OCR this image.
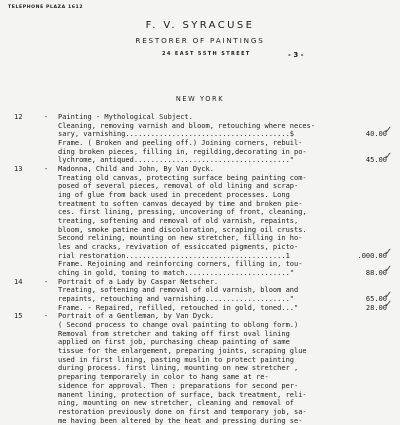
TELEPHONE PLAZA 1612
F. V. SYRACUSE
RESTORER OF PAINTINGS
24 EAST 55TH STREET	- 3 -
NEW YORK
12	- Painting - Mythological Subject.
Cleaning, removing varnish and bloom, retouching where neces-
sary, varnishing.......................................$	40.00
✓
Frame. ( Broken and peeling off.) Joining corners, rebuil-
ding broken pieces, filling in, regilding,decorating in po-
lychrome, antiqued....................................."	45.00
✓
13	- Madonna, Child and John, By Van Dyck.
Treating old canvas, protecting surface being painting com-
posed of several pieces, removal of old lining and scrap-
ing of glue from back used in precedent processes. Long
treatment to soften canvas decayed by time and broken pie-
ces. first lining, pressing, uncovering of front, cleaning,
treating, softening and removal of old varnish, repaints,
bloom, smoke patine and discoloration, scraping oil crusts.
Second relining, mounting on new stretcher, filling in ho-
les and cracks, revivation of essiccated pigments, picto-
rial restoration......................................1	.000.00
✓
Frame. Rejoining and reinforcing corners, filling in, tou-
ching in gold, toning to match........................."	88.00
✓
14	- Portrait of a Lady by Caspar Netscher.
Treating, softening and removal of old varnish, bloom and
repaints, retouching and varnishing...................."	65.00
✓
Frame. - Repaired, refilled, retouched in gold, toned..."	28.00
✓
15	- Portrait of a Gentleman, by Van Dyck.
( Second process to change oval painting to oblong form.)
Removal from stretcher and taking off first oval lining
applied on first job, purchasing cheap painting of same
tissue for the enlargement, preparing joints, scraping glue
used in first lining, pasting muslin to protect painting
during process. first lining, mounting on new stretcher ,
preparing temporarely in color to hang same at re-
sidence for approval. Then : preparations for second per-
manent lining, protection of surface, back treatment, reli-
ning, mounting on new stretcher, cleaning and removal of
restoration previously done on first and temporary job, sa-
me having been altered by the heat and pressing during se-
